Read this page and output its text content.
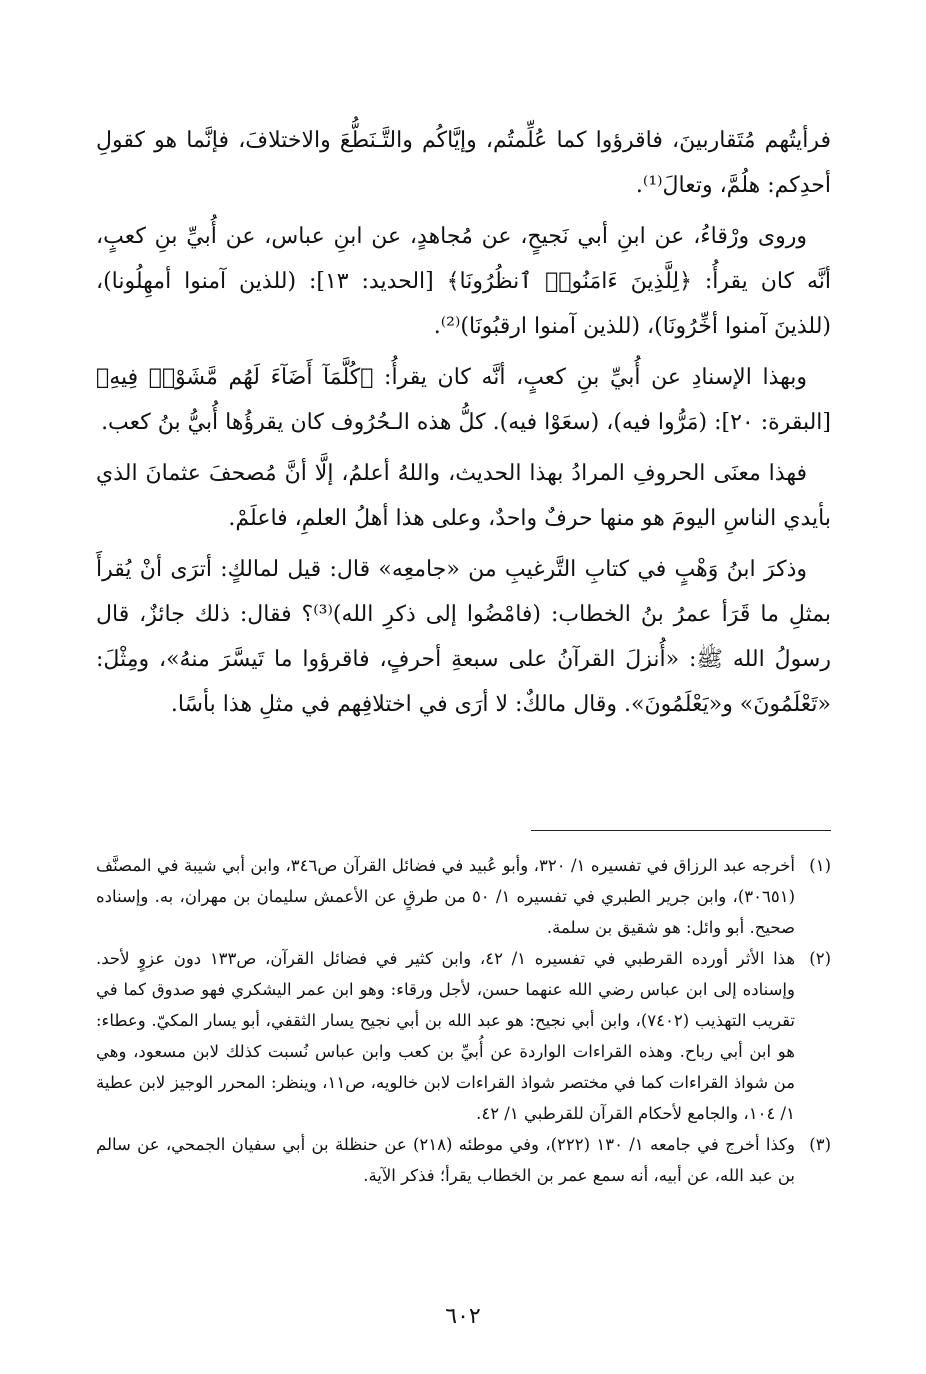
فرأيتُهم مُتَقاربينَ، فاقرؤوا كما عُلِّمتُم، وإيَّاكُم والتَّـنَطُّعَ والاختلافَ، فإنَّما هو كقولِ أحدِكم: هلُمَّ، وتعالَ⁽¹⁾.

وروى ورْقاءُ، عن ابنِ أبي نَجيحٍ، عن مُجاهدٍ، عن ابنِ عباس، عن أُبيِّ بنِ كعبٍ، أنَّه كان يقرأُ: ﴿لِلَّذِينَ ءَامَنُوا۟ ٱنظُرُونَا﴾ [الحديد: ١٣]: (للذين آمنوا أمهِلُونا)، (للذينَ آمنوا أخِّرُونَا)، (للذين آمنوا ارقبُونَا)⁽²⁾.

وبهذا الإسنادِ عن أُبيِّ بنِ كعبٍ، أنَّه كان يقرأُ: ﴿كُلَّمَآ أَضَآءَ لَهُم مَّشَوْا۟ فِيهِ﴾ [البقرة: ٢٠]: (مَرُّوا فيه)، (سعَوْا فيه). كلُّ هذه الـحُرُوف كان يقرؤُها أُبيُّ بنُ كعب.

فهذا معنَى الحروفِ المرادُ بهذا الحديث، واللهُ أعلمُ، إلَّا أنَّ مُصحفَ عثمانَ الذي بأيدي الناسِ اليومَ هو منها حرفٌ واحدٌ، وعلى هذا أهلُ العلمِ، فاعلَمْ.

وذكرَ ابنُ وَهْبٍ في كتابِ التَّرغيبِ من «جامعِه» قال: قيل لمالكٍ: أترَى أنْ يُقرأَ بمثلِ ما قَرَأ عمرُ بنُ الخطاب: (فامْضُوا إلى ذكرِ الله)⁽³⁾؟ فقال: ذلك جائزٌ، قال رسولُ الله ﷺ: «أُنزلَ القرآنُ على سبعةِ أحرفٍ، فاقرؤوا ما تَيسَّرَ منهُ»، ومِثْلَ: «تَعْلَمُونَ» و«يَعْلَمُونَ». وقال مالكٌ: لا أرَى في اختلافِهم في مثلِ هذا بأسًا.

(١)
أخرجه عبد الرزاق في تفسيره ١/ ٣٢٠، وأبو عُبيد في فضائل القرآن ص٣٤٦، وابن أبي شيبة في المصنَّف (٣٠٦٥١)، وابن جرير الطبري في تفسيره ١/ ٥٠ من طرقٍ عن الأعمش سليمان بن مهران، به. وإسناده صحيح. أبو وائل: هو شقيق بن سلمة.

(٢)
هذا الأثر أورده القرطبي في تفسيره ١/ ٤٢، وابن كثير في فضائل القرآن، ص١٣٣ دون عزوٍ لأحد. وإسناده إلى ابن عباس رضي الله عنهما حسن، لأجل ورقاء: وهو ابن عمر اليشكري فهو صدوق كما في تقريب التهذيب (٧٤٠٢)، وابن أبي نجيح: هو عبد الله بن أبي نجيح يسار الثقفي، أبو يسار المكيّ. وعطاء: هو ابن أبي رباح. وهذه القراءات الواردة عن أُبيِّ بن كعب وابن عباس نُسبت كذلك لابن مسعود، وهي من شواذ القراءات كما في مختصر شواذ القراءات لابن خالويه، ص١١، وينظر: المحرر الوجيز لابن عطية ١/ ١٠٤، والجامع لأحكام القرآن للقرطبي ١/ ٤٢.

(٣)
وكذا أخرج في جامعه ١/ ١٣٠ (٢٢٢)، وفي موطئه (٢١٨) عن حنظلة بن أبي سفيان الجمحي، عن سالم بن عبد الله، عن أبيه، أنه سمع عمر بن الخطاب يقرأ؛ فذكر الآية.

٦٠٢
